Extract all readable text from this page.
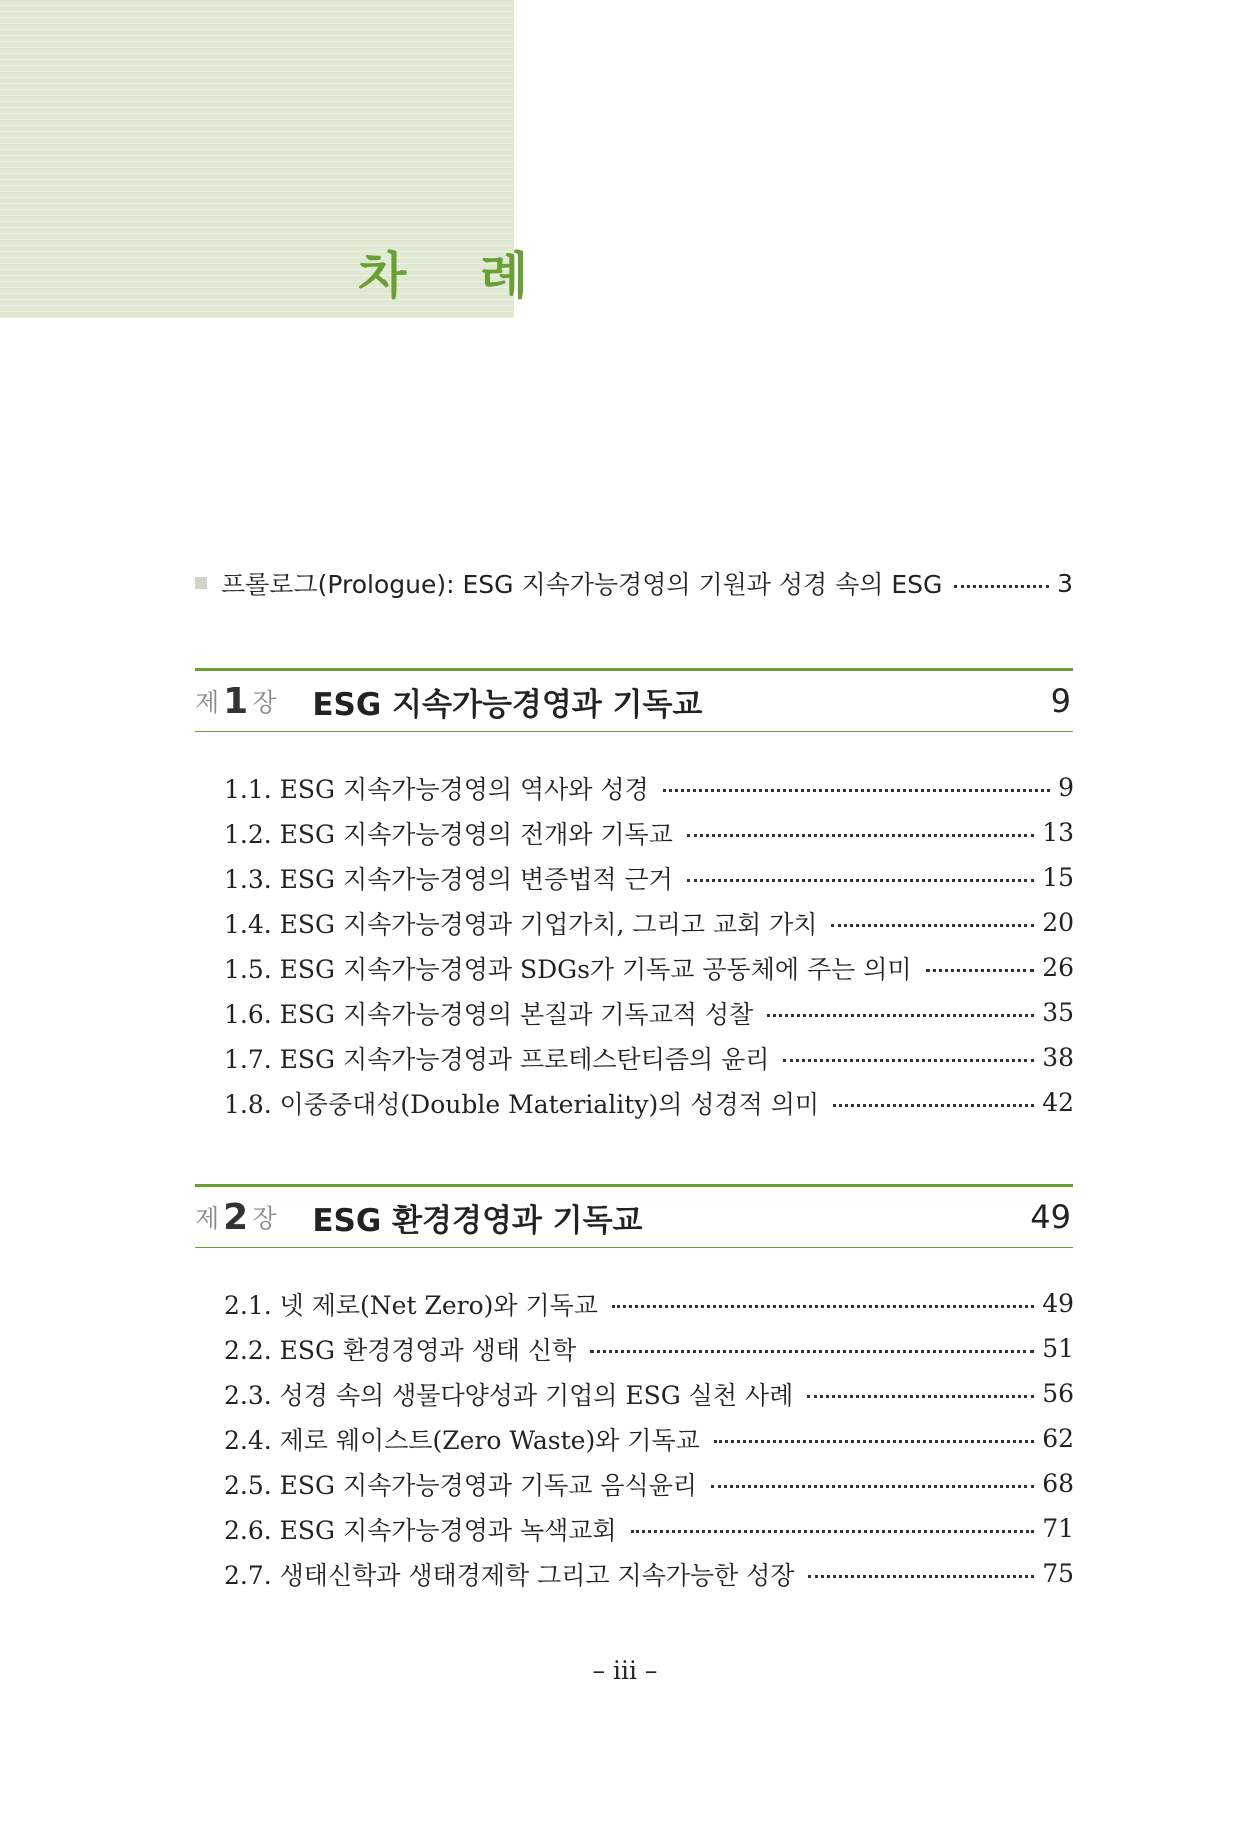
차 례
프롤로그(Prologue): ESG 지속가능경영의 기원과 성경 속의 ESG	3
제 1 장 ESG 지속가능경영과 기독교	9
1.1. ESG 지속가능경영의 역사와 성경	9
1.2. ESG 지속가능경영의 전개와 기독교	13
1.3. ESG 지속가능경영의 변증법적 근거	15
1.4. ESG 지속가능경영과 기업가치, 그리고 교회 가치	20
1.5. ESG 지속가능경영과 SDGs가 기독교 공동체에 주는 의미	26
1.6. ESG 지속가능경영의 본질과 기독교적 성찰	35
1.7. ESG 지속가능경영과 프로테스탄티즘의 윤리	38
1.8. 이중중대성(Double Materiality)의 성경적 의미	42
제 2 장 ESG 환경경영과 기독교	49
2.1. 넷 제로(Net Zero)와 기독교	49
2.2. ESG 환경경영과 생태 신학	51
2.3. 성경 속의 생물다양성과 기업의 ESG 실천 사례	56
2.4. 제로 웨이스트(Zero Waste)와 기독교	62
2.5. ESG 지속가능경영과 기독교 음식윤리	68
2.6. ESG 지속가능경영과 녹색교회	71
2.7. 생태신학과 생태경제학 그리고 지속가능한 성장	75
– iii –
